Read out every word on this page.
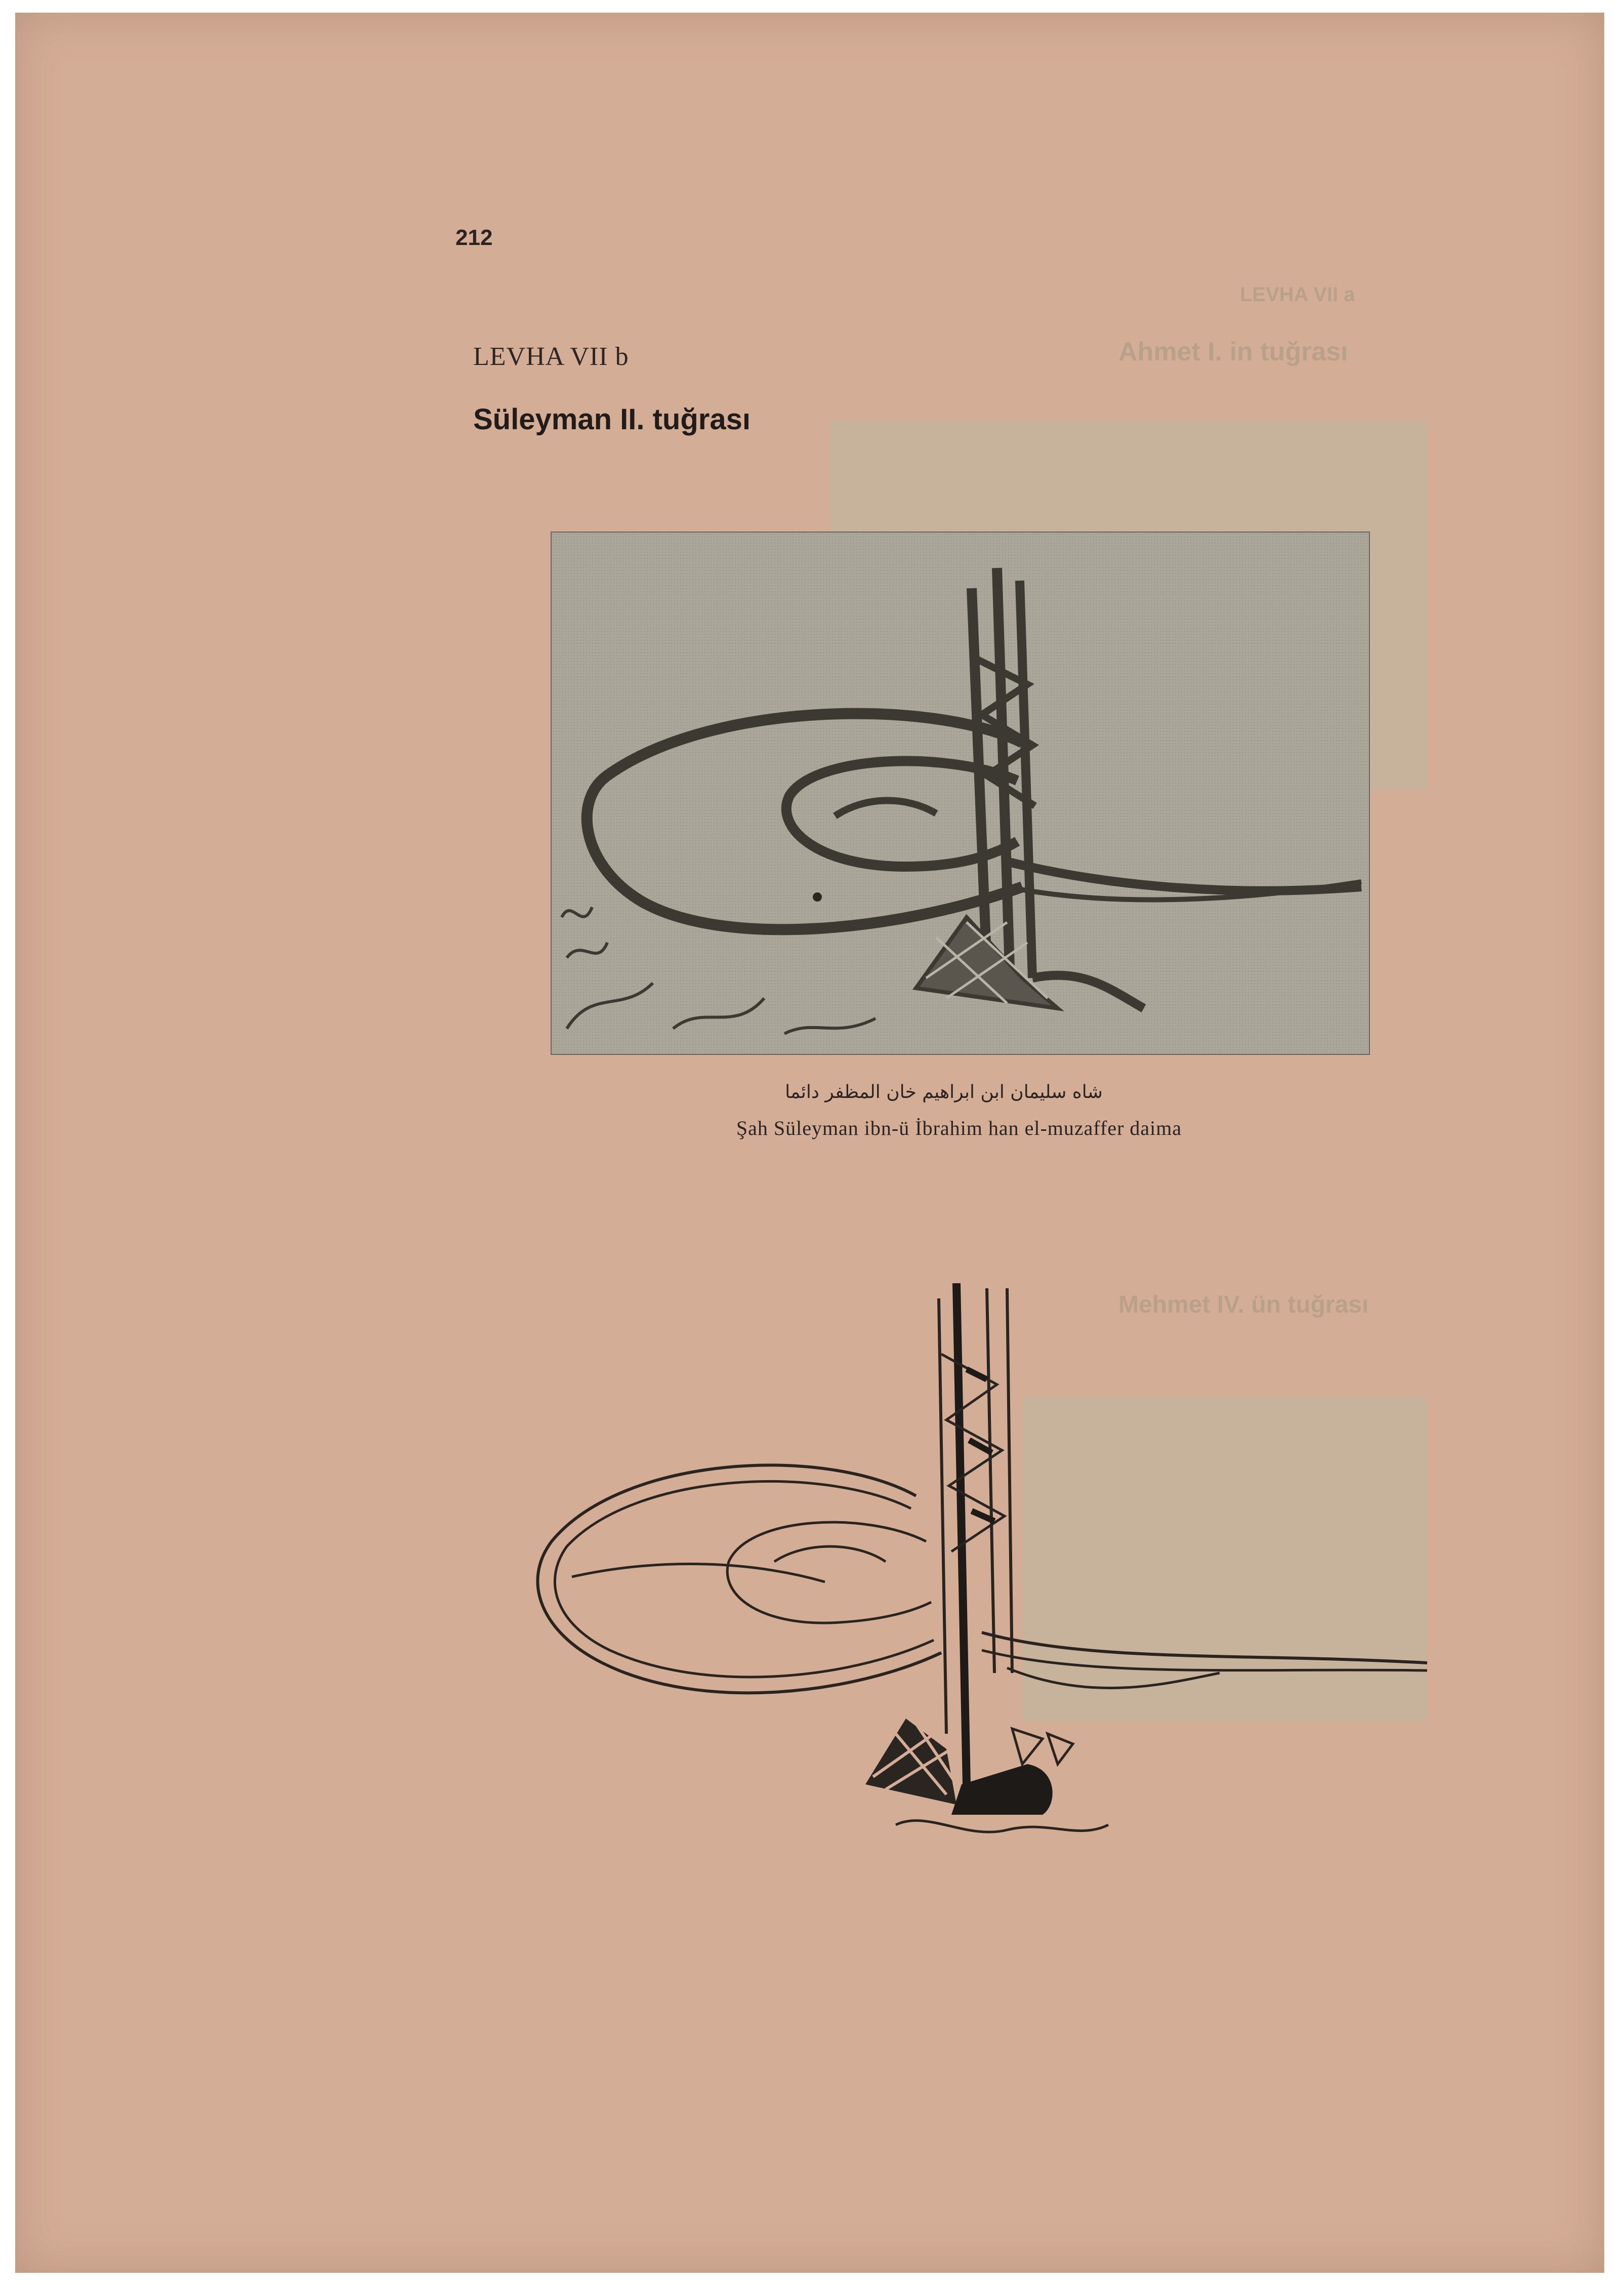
LEVHA VII a
Ahmet I. in tuğrası
Mehmet IV. ün tuğrası
212
LEVHA VII b
Süleyman II. tuğrası
شاه سليمان ابن ابراهيم خان المظفر دائما
Şah Süleyman ibn-ü İbrahim han el-muzaffer daima
